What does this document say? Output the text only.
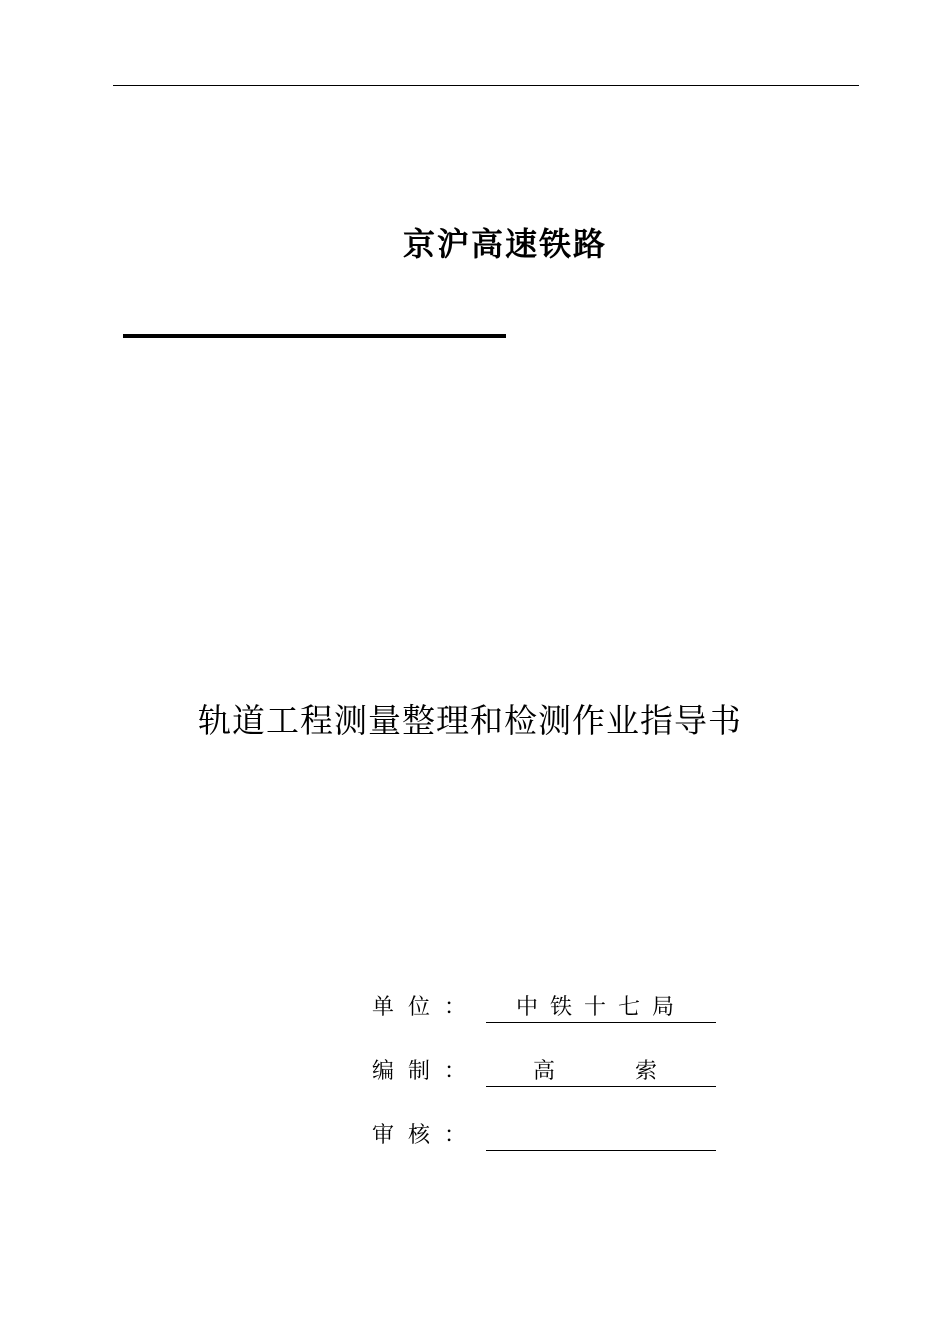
京沪高速铁路
轨道工程测量整理和检测作业指导书
单位：	中铁十七局
编制：	高　　索
审核：
